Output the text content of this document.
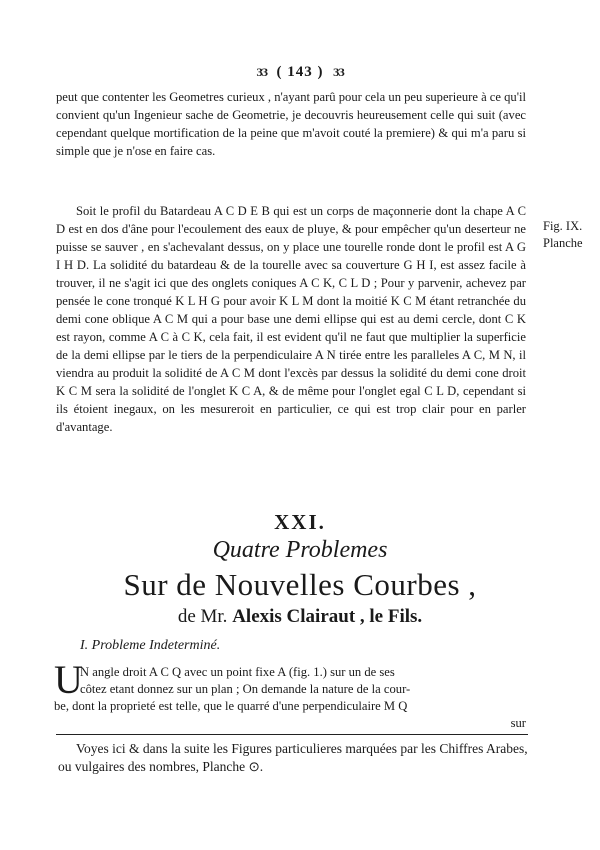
ЗЗ ( 143 ) ЗЗ

peut que contenter les Geometres curieux , n'ayant parû pour cela un peu superieure à ce qu'il convient qu'un Ingenieur sache de Geometrie, je decouvris heureusement celle qui suit (avec cependant quelque mortification de la peine que m'avoit couté la premiere) & qui m'a paru si simple que je n'ose en faire cas.

Soit le profil du Batardeau A C D E B qui est un corps de maçonnerie dont la chape A C D est en dos d'âne pour l'ecoulement des eaux de pluye, & pour empêcher qu'un deserteur ne puisse se sauver , en s'achevalant dessus, on y place une tourelle ronde dont le profil est A G I H D. La solidité du batardeau & de la tourelle avec sa couverture G H I, est assez facile à trouver, il ne s'agit ici que des onglets coniques A C K, C L D ; Pour y parvenir, achevez par pensée le cone tronqué K L H G pour avoir K L M dont la moitié K C M étant retranchée du demi cone oblique A C M qui a pour base une demi ellipse qui est au demi cercle, dont C K est rayon, comme A C à C K, cela fait, il est evident qu'il ne faut que multiplier la superficie de la demi ellipse par le tiers de la perpendiculaire A N tirée entre les paralleles A C, M N, il viendra au produit la solidité de A C M dont l'excès par dessus la solidité du demi cone droit K C M sera la solidité de l'onglet K C A, & de même pour l'onglet egal C L D, cependant si ils étoient inegaux, on les mesureroit en particulier, ce qui est trop clair pour en parler d'avantage.

Fig. IX.
Planche
XXI.
Quatre Problemes
Sur de Nouvelles Courbes ,
de Mr. Alexis Clairaut , le Fils.
I. Probleme Indeterminé.
U

N angle droit A C Q avec un point fixe A (fig. 1.) sur un de ses
côtez etant donnez sur un plan ; On demande la nature de la cour-
be, dont la proprieté est telle, que le quarré d'une perpendiculaire M Q
sur

Voyes ici & dans la suite les Figures particulieres marquées par les Chiffres Arabes, ou vulgaires des nombres, Planche ⊙.
